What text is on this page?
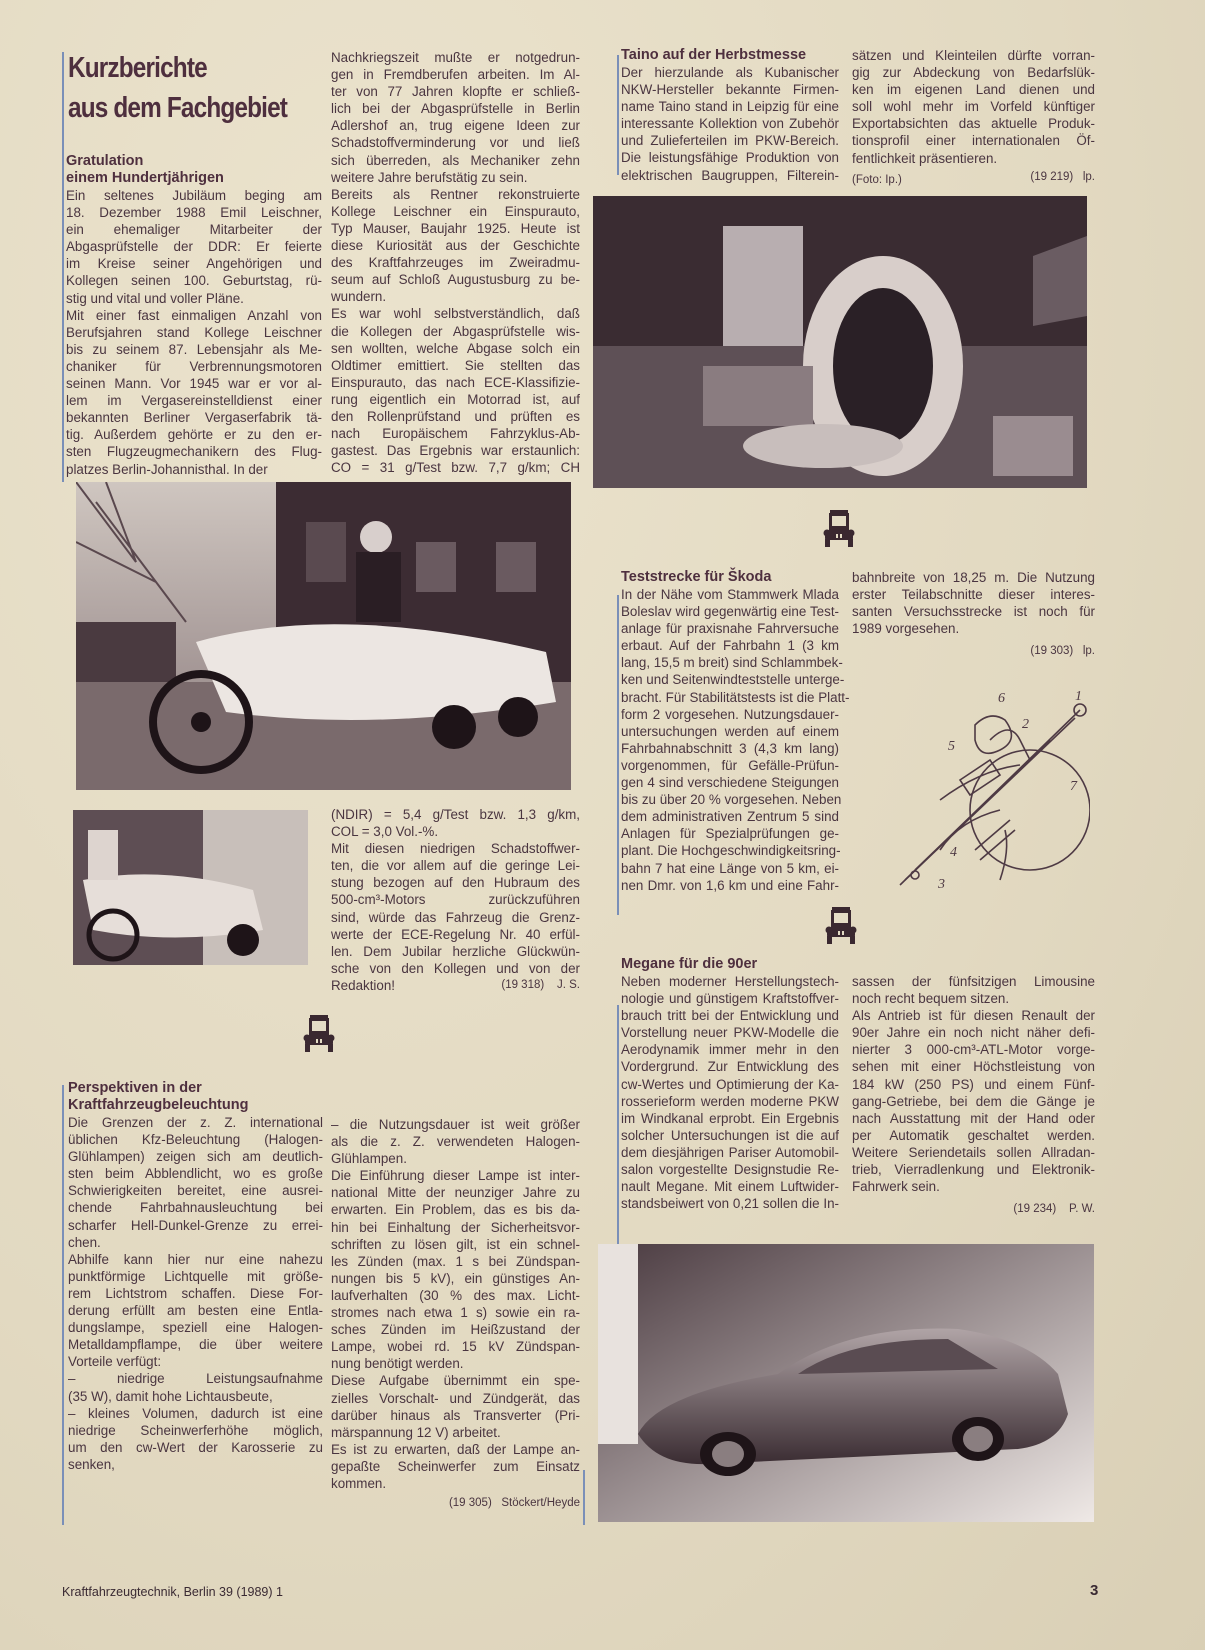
Kurzberichte
aus dem Fachgebiet
Gratulation
einem Hundertjährigen
Ein seltenes Jubiläum beging am
18. Dezember 1988 Emil Leischner,
ein ehemaliger Mitarbeiter der
Abgasprüfstelle der DDR: Er feierte
im Kreise seiner Angehörigen und
Kollegen seinen 100. Geburtstag, rü-
stig und vital und voller Pläne.
Mit einer fast einmaligen Anzahl von
Berufsjahren stand Kollege Leischner
bis zu seinem 87. Lebensjahr als Me-
chaniker für Verbrennungsmotoren
seinen Mann. Vor 1945 war er vor al-
lem im Vergasereinstelldienst einer
bekannten Berliner Vergaserfabrik tä-
tig. Außerdem gehörte er zu den er-
sten Flugzeugmechanikern des Flug-
platzes Berlin-Johannisthal. In der
Nachkriegszeit mußte er notgedrun-
gen in Fremdberufen arbeiten. Im Al-
ter von 77 Jahren klopfte er schließ-
lich bei der Abgasprüfstelle in Berlin
Adlershof an, trug eigene Ideen zur
Schadstoffverminderung vor und ließ
sich überreden, als Mechaniker zehn
weitere Jahre berufstätig zu sein.
Bereits als Rentner rekonstruierte
Kollege Leischner ein Einspurauto,
Typ Mauser, Baujahr 1925. Heute ist
diese Kuriosität aus der Geschichte
des Kraftfahrzeuges im Zweiradmu-
seum auf Schloß Augustusburg zu be-
wundern.
Es war wohl selbstverständlich, daß
die Kollegen der Abgasprüfstelle wis-
sen wollten, welche Abgase solch ein
Oldtimer emittiert. Sie stellten das
Einspurauto, das nach ECE-Klassifizie-
rung eigentlich ein Motorrad ist, auf
den Rollenprüfstand und prüften es
nach Europäischem Fahrzyklus-Ab-
gastest. Das Ergebnis war erstaunlich:
CO = 31 g/Test bzw. 7,7 g/km; CH
(NDIR) = 5,4 g/Test bzw. 1,3 g/km,
COL = 3,0 Vol.-%.
Mit diesen niedrigen Schadstoffwer-
ten, die vor allem auf die geringe Lei-
stung bezogen auf den Hubraum des
500-cm³-Motors zurückzuführen
sind, würde das Fahrzeug die Grenz-
werte der ECE-Regelung Nr. 40 erfül-
len. Dem Jubilar herzliche Glückwün-
sche von den Kollegen und von der
Redaktion!	(19 318) J. S.
Perspektiven in der
Kraftfahrzeugbeleuchtung
Die Grenzen der z. Z. international
üblichen Kfz-Beleuchtung (Halogen-
Glühlampen) zeigen sich am deutlich-
sten beim Abblendlicht, wo es große
Schwierigkeiten bereitet, eine ausrei-
chende Fahrbahnausleuchtung bei
scharfer Hell-Dunkel-Grenze zu errei-
chen.
Abhilfe kann hier nur eine nahezu
punktförmige Lichtquelle mit größe-
rem Lichtstrom schaffen. Diese For-
derung erfüllt am besten eine Entla-
dungslampe, speziell eine Halogen-
Metalldampflampe, die über weitere
Vorteile verfügt:
– niedrige Leistungsaufnahme
(35 W), damit hohe Lichtausbeute,
– kleines Volumen, dadurch ist eine
niedrige Scheinwerferhöhe möglich,
um den cw-Wert der Karosserie zu
senken,
– die Nutzungsdauer ist weit größer
als die z. Z. verwendeten Halogen-
Glühlampen.
Die Einführung dieser Lampe ist inter-
national Mitte der neunziger Jahre zu
erwarten. Ein Problem, das es bis da-
hin bei Einhaltung der Sicherheitsvor-
schriften zu lösen gilt, ist ein schnel-
les Zünden (max. 1 s bei Zündspan-
nungen bis 5 kV), ein günstiges An-
laufverhalten (30 % des max. Licht-
stromes nach etwa 1 s) sowie ein ra-
sches Zünden im Heißzustand der
Lampe, wobei rd. 15 kV Zündspan-
nung benötigt werden.
Diese Aufgabe übernimmt ein spe-
zielles Vorschalt- und Zündgerät, das
darüber hinaus als Transverter (Pri-
märspannung 12 V) arbeitet.
Es ist zu erwarten, daß der Lampe an-
gepaßte Scheinwerfer zum Einsatz
kommen.
(19 305) Stöckert/Heyde
Taino auf der Herbstmesse
Der hierzulande als Kubanischer
NKW-Hersteller bekannte Firmen-
name Taino stand in Leipzig für eine
interessante Kollektion von Zubehör
und Zulieferteilen im PKW-Bereich.
Die leistungsfähige Produktion von
elektrischen Baugruppen, Filterein-
sätzen und Kleinteilen dürfte vorran-
gig zur Abdeckung von Bedarfslük-
ken im eigenen Land dienen und
soll wohl mehr im Vorfeld künftiger
Exportabsichten das aktuelle Produk-
tionsprofil einer internationalen Öf-
fentlichkeit präsentieren.
(Foto: Ip.)	(19 219) lp.
Teststrecke für Škoda
In der Nähe vom Stammwerk Mlada
Boleslav wird gegenwärtig eine Test-
anlage für praxisnahe Fahrversuche
erbaut. Auf der Fahrbahn 1 (3 km
lang, 15,5 m breit) sind Schlammbek-
ken und Seitenwindteststelle unterge-
bracht. Für Stabilitätstests ist die Platt-
form 2 vorgesehen. Nutzungsdauer-
untersuchungen werden auf einem
Fahrbahnabschnitt 3 (4,3 km lang)
vorgenommen, für Gefälle-Prüfun-
gen 4 sind verschiedene Steigungen
bis zu über 20 % vorgesehen. Neben
dem administrativen Zentrum 5 sind
Anlagen für Spezialprüfungen ge-
plant. Die Hochgeschwindigkeitsring-
bahn 7 hat eine Länge von 5 km, ei-
nen Dmr. von 1,6 km und eine Fahr-
bahnbreite von 18,25 m. Die Nutzung
erster Teilabschnitte dieser interes-
santen Versuchsstrecke ist noch für
1989 vorgesehen.
(19 303) lp.
1
2
3
4
5
6
7
Megane für die 90er
Neben moderner Herstellungstech-
nologie und günstigem Kraftstoffver-
brauch tritt bei der Entwicklung und
Vorstellung neuer PKW-Modelle die
Aerodynamik immer mehr in den
Vordergrund. Zur Entwicklung des
cw-Wertes und Optimierung der Ka-
rosserieform werden moderne PKW
im Windkanal erprobt. Ein Ergebnis
solcher Untersuchungen ist die auf
dem diesjährigen Pariser Automobil-
salon vorgestellte Designstudie Re-
nault Megane. Mit einem Luftwider-
standsbeiwert von 0,21 sollen die In-
sassen der fünfsitzigen Limousine
noch recht bequem sitzen.
Als Antrieb ist für diesen Renault der
90er Jahre ein noch nicht näher defi-
nierter 3 000-cm³-ATL-Motor vorge-
sehen mit einer Höchstleistung von
184 kW (250 PS) und einem Fünf-
gang-Getriebe, bei dem die Gänge je
nach Ausstattung mit der Hand oder
per Automatik geschaltet werden.
Weitere Seriendetails sollen Allradan-
trieb, Vierradlenkung und Elektronik-
Fahrwerk sein.
(19 234) P. W.
Kraftfahrzeugtechnik, Berlin 39 (1989) 1	3
